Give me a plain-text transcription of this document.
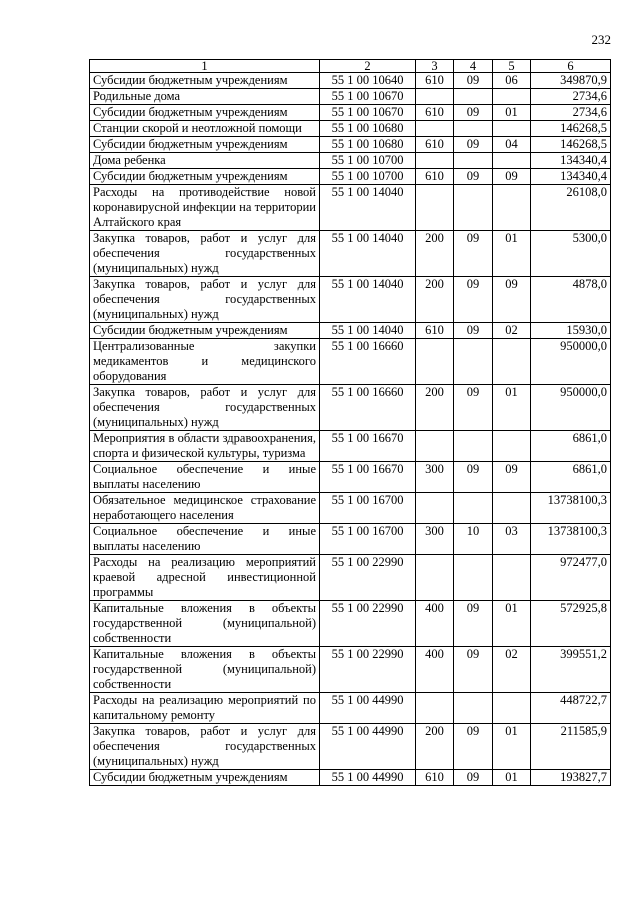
232
1	2	3	4	5	6
Субсидии бюджетным учреждениям	55 1 00 10640	610	09	06	349870,9
Родильные дома	55 1 00 10670				2734,6
Субсидии бюджетным учреждениям	55 1 00 10670	610	09	01	2734,6
Станции скорой и неотложной помощи	55 1 00 10680				146268,5
Субсидии бюджетным учреждениям	55 1 00 10680	610	09	04	146268,5
Дома ребенка	55 1 00 10700				134340,4
Субсидии бюджетным учреждениям	55 1 00 10700	610	09	09	134340,4
Расходы на противодействие новой коронавирусной инфекции на территории Алтайского края	55 1 00 14040				26108,0
Закупка товаров, работ и услуг для обеспечения государственных (муниципальных) нужд	55 1 00 14040	200	09	01	5300,0
Закупка товаров, работ и услуг для обеспечения государственных (муниципальных) нужд	55 1 00 14040	200	09	09	4878,0
Субсидии бюджетным учреждениям	55 1 00 14040	610	09	02	15930,0
Централизованные закупки медикаментов и медицинского оборудования	55 1 00 16660				950000,0
Закупка товаров, работ и услуг для обеспечения государственных (муниципальных) нужд	55 1 00 16660	200	09	01	950000,0
Мероприятия в области здравоохранения, спорта и физической культуры, туризма	55 1 00 16670				6861,0
Социальное обеспечение и иные выплаты населению	55 1 00 16670	300	09	09	6861,0
Обязательное медицинское страхование неработающего населения	55 1 00 16700				13738100,3
Социальное обеспечение и иные выплаты населению	55 1 00 16700	300	10	03	13738100,3
Расходы на реализацию мероприятий краевой адресной инвестиционной программы	55 1 00 22990				972477,0
Капитальные вложения в объекты государственной (муниципальной) собственности	55 1 00 22990	400	09	01	572925,8
Капитальные вложения в объекты государственной (муниципальной) собственности	55 1 00 22990	400	09	02	399551,2
Расходы на реализацию мероприятий по капитальному ремонту	55 1 00 44990				448722,7
Закупка товаров, работ и услуг для обеспечения государственных (муниципальных) нужд	55 1 00 44990	200	09	01	211585,9
Субсидии бюджетным учреждениям	55 1 00 44990	610	09	01	193827,7
